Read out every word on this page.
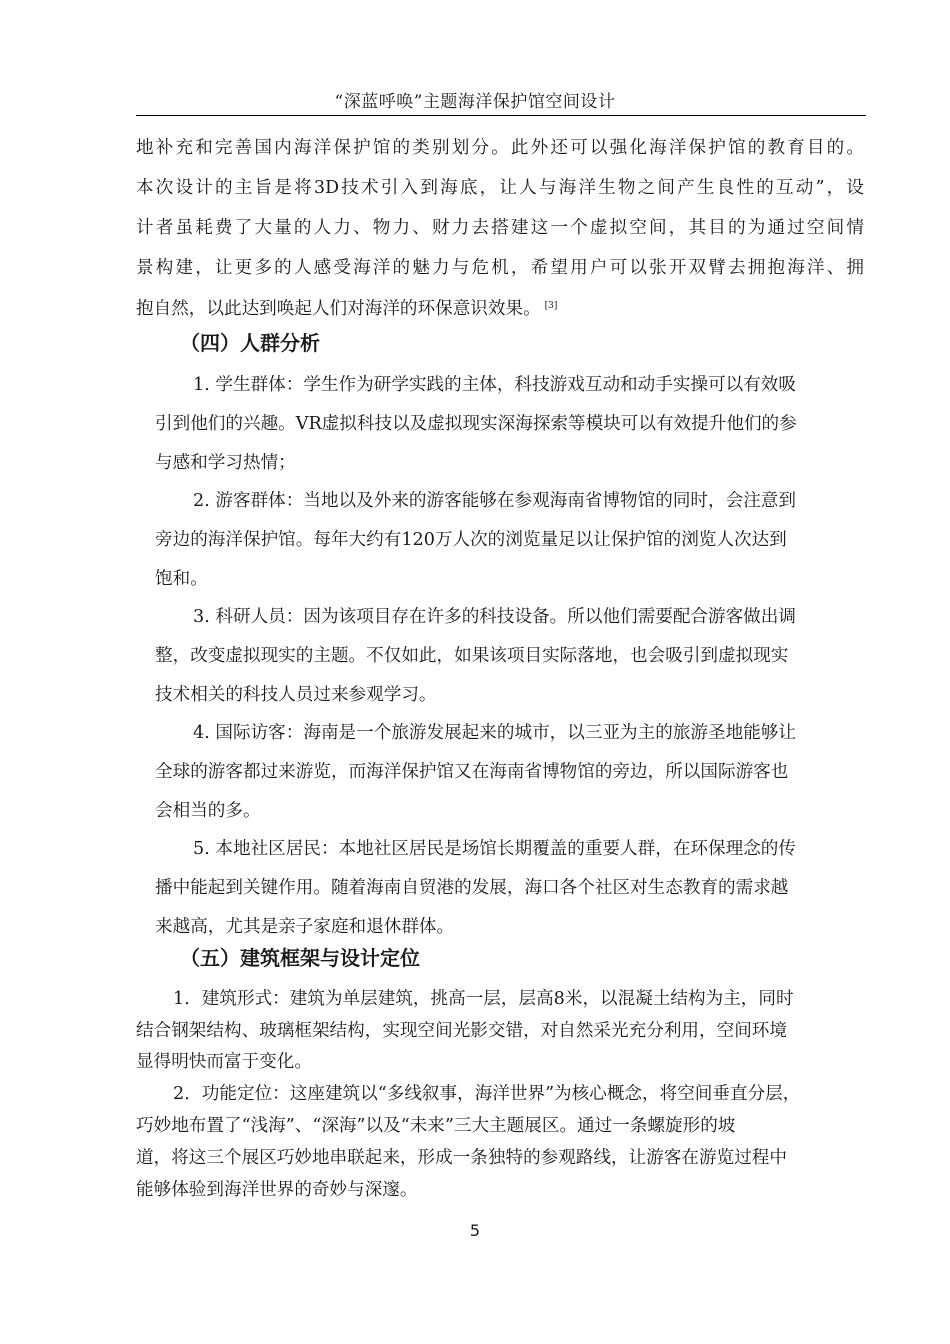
“深蓝呼唤”主题海洋保护馆空间设计
地补充和完善国内海洋保护馆的类别划分。此外还可以强化海洋保护馆的教育目的。
本次设计的主旨是将3D技术引入到海底，让人与海洋生物之间产生良性的互动”，设
计者虽耗费了大量的人力、物力、财力去搭建这一个虚拟空间，其目的为通过空间情
景构建，让更多的人感受海洋的魅力与危机，希望用户可以张开双臂去拥抱海洋、拥
抱自然，以此达到唤起人们对海洋的环保意识效果。 [3]
（四）人群分析
1. 学生群体：学生作为研学实践的主体，科技游戏互动和动手实操可以有效吸
引到他们的兴趣。VR虚拟科技以及虚拟现实深海探索等模块可以有效提升他们的参
与感和学习热情；
2. 游客群体：当地以及外来的游客能够在参观海南省博物馆的同时，会注意到
旁边的海洋保护馆。每年大约有120万人次的浏览量足以让保护馆的浏览人次达到
饱和。
3. 科研人员：因为该项目存在许多的科技设备。所以他们需要配合游客做出调
整，改变虚拟现实的主题。不仅如此，如果该项目实际落地，也会吸引到虚拟现实
技术相关的科技人员过来参观学习。
4. 国际访客：海南是一个旅游发展起来的城市，以三亚为主的旅游圣地能够让
全球的游客都过来游览，而海洋保护馆又在海南省博物馆的旁边，所以国际游客也
会相当的多。
5. 本地社区居民：本地社区居民是场馆长期覆盖的重要人群，在环保理念的传
播中能起到关键作用。随着海南自贸港的发展，海口各个社区对生态教育的需求越
来越高，尤其是亲子家庭和退休群体。
（五）建筑框架与设计定位
1．建筑形式：建筑为单层建筑，挑高一层，层高8米，以混凝土结构为主，同时
结合钢架结构、玻璃框架结构，实现空间光影交错，对自然采光充分利用，空间环境
显得明快而富于变化。
2．功能定位：这座建筑以“多线叙事，海洋世界”为核心概念，将空间垂直分层，
巧妙地布置了“浅海”、“深海”以及“未来”三大主题展区。通过一条螺旋形的坡
道，将这三个展区巧妙地串联起来，形成一条独特的参观路线，让游客在游览过程中
能够体验到海洋世界的奇妙与深邃。
5
